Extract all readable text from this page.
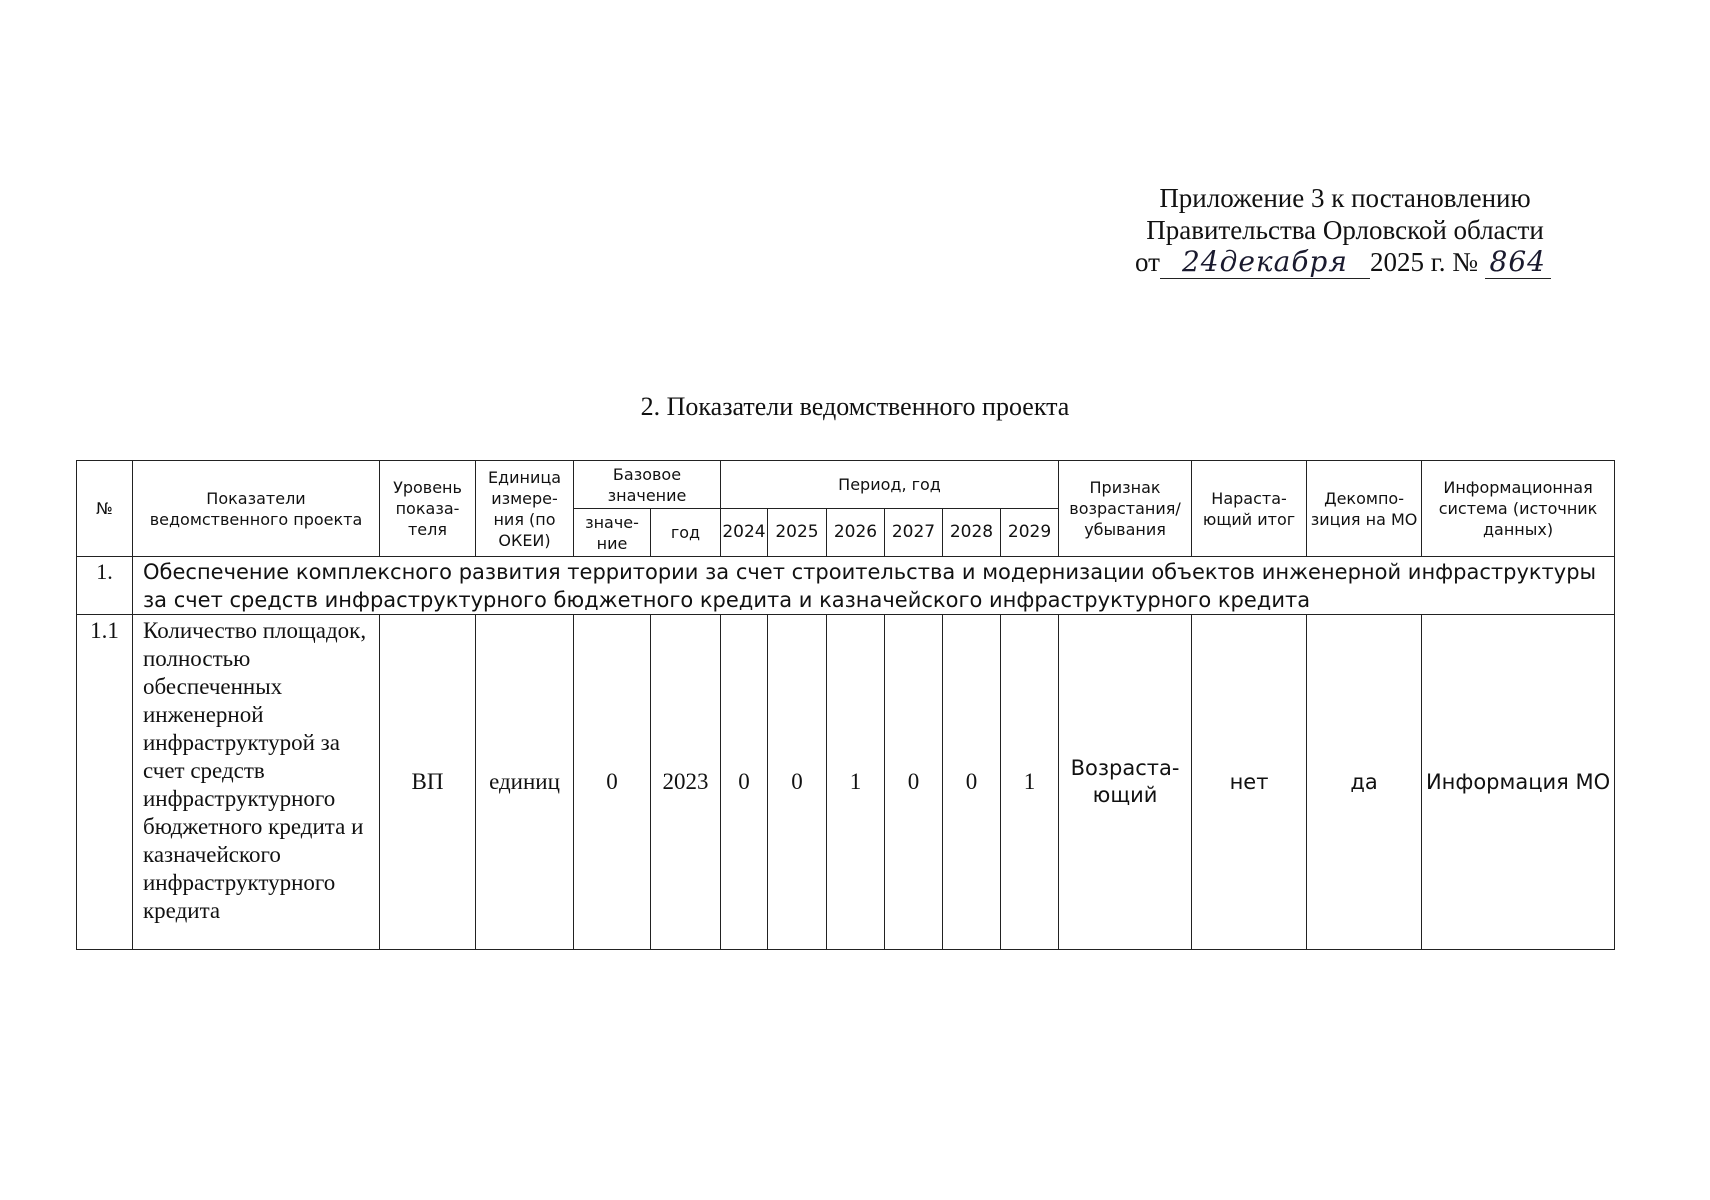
Приложение 3 к постановлению
Правительства Орловской области
от 24декабря 2025 г. № 864
2. Показатели ведомственного проекта
№	Показатели ведомственного проекта	Уровень показа-теля	Единица измере-ния (по ОКЕИ)	Базовое значение		Период, год						Признак возрастания/ убывания	Нараста-ющий итог	Декомпо-зиция на МО	Информационная система (источник данных)
				значе-ние	год	2024	2025	2026	2027	2028	2029				
1.	Обеспечение комплексного развития территории за счет строительства и модернизации объектов инженерной инфраструктуры за счет средств инфраструктурного бюджетного кредита и казначейского инфраструктурного кредита														
1.1	Количество площадок, полностью обеспеченных инженерной инфраструктурой за счет средств инфраструктурного бюджетного кредита и казначейского инфраструктурного кредита	ВП	единиц	0	2023	0	0	1	0	0	1	Возраста-ющий	нет	да	Информация МО
